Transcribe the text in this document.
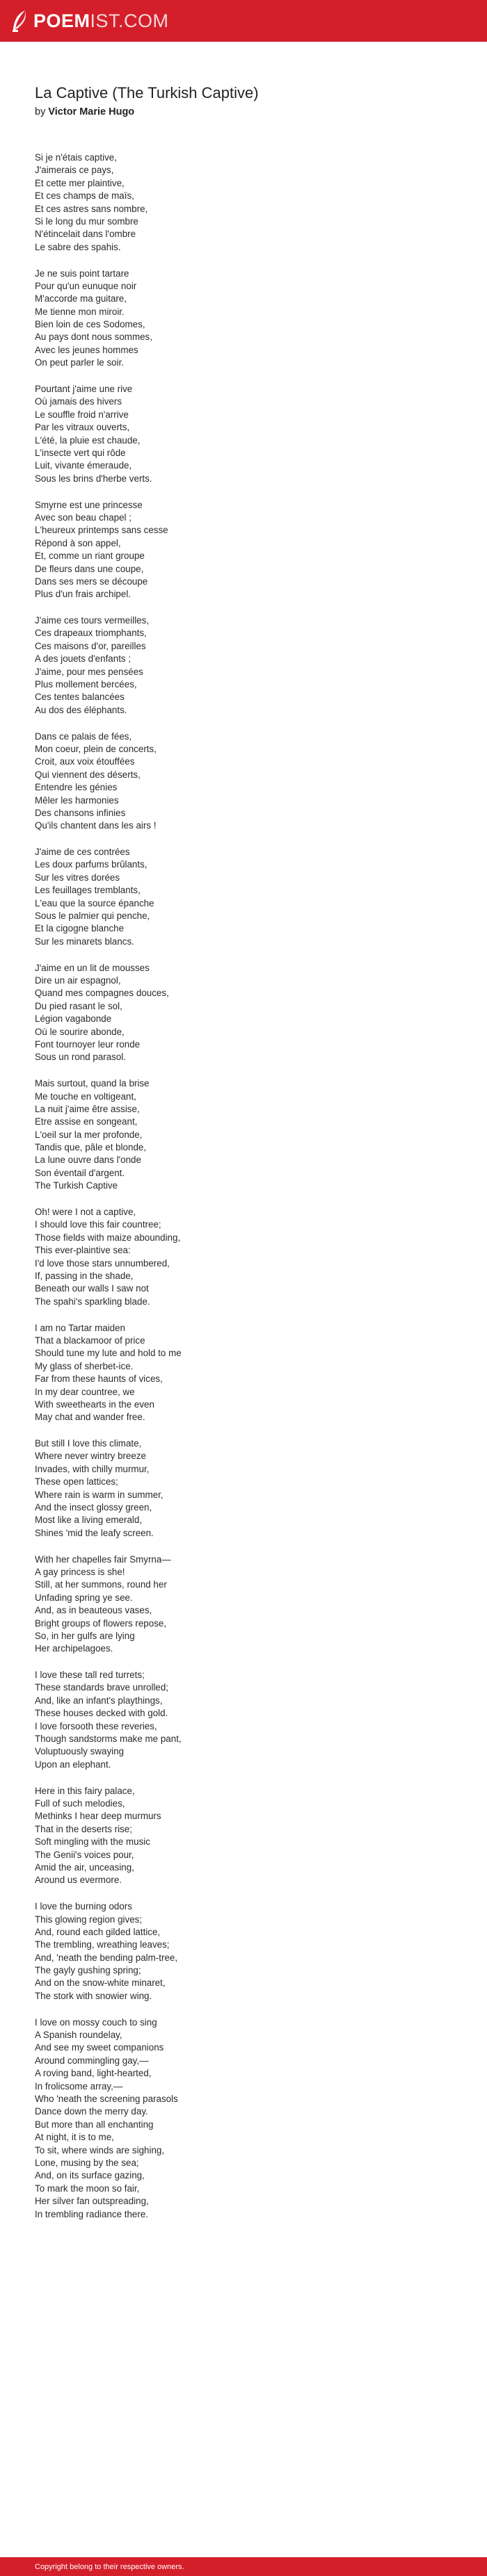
POEMIST.COM
La Captive (The Turkish Captive)
by Victor Marie Hugo
Si je n'étais captive,
J'aimerais ce pays,
Et cette mer plaintive,
Et ces champs de maïs,
Et ces astres sans nombre,
Si le long du mur sombre
N'étincelait dans l'ombre
Le sabre des spahis.
Je ne suis point tartare
Pour qu'un eunuque noir
M'accorde ma guitare,
Me tienne mon miroir.
Bien loin de ces Sodomes,
Au pays dont nous sommes,
Avec les jeunes hommes
On peut parler le soir.
Pourtant j'aime une rive
Où jamais des hivers
Le souffle froid n'arrive
Par les vitraux ouverts,
L'été, la pluie est chaude,
L'insecte vert qui rôde
Luit, vivante émeraude,
Sous les brins d'herbe verts.
Smyrne est une princesse
Avec son beau chapel ;
L'heureux printemps sans cesse
Répond à son appel,
Et, comme un riant groupe
De fleurs dans une coupe,
Dans ses mers se découpe
Plus d'un frais archipel.
J'aime ces tours vermeilles,
Ces drapeaux triomphants,
Ces maisons d'or, pareilles
A des jouets d'enfants ;
J'aime, pour mes pensées
Plus mollement bercées,
Ces tentes balancées
Au dos des éléphants.
Dans ce palais de fées,
Mon coeur, plein de concerts,
Croit, aux voix étouffées
Qui viennent des déserts,
Entendre les génies
Mêler les harmonies
Des chansons infinies
Qu'ils chantent dans les airs !
J'aime de ces contrées
Les doux parfums brûlants,
Sur les vitres dorées
Les feuillages tremblants,
L'eau que la source épanche
Sous le palmier qui penche,
Et la cigogne blanche
Sur les minarets blancs.
J'aime en un lit de mousses
Dire un air espagnol,
Quand mes compagnes douces,
Du pied rasant le sol,
Légion vagabonde
Où le sourire abonde,
Font tournoyer leur ronde
Sous un rond parasol.
Mais surtout, quand la brise
Me touche en voltigeant,
La nuit j'aime être assise,
Etre assise en songeant,
L'oeil sur la mer profonde,
Tandis que, pâle et blonde,
La lune ouvre dans l'onde
Son éventail d'argent.
The Turkish Captive
Oh! were I not a captive,
I should love this fair countree;
Those fields with maize abounding,
This ever-plaintive sea:
I'd love those stars unnumbered,
If, passing in the shade,
Beneath our walls I saw not
The spahi's sparkling blade.
I am no Tartar maiden
That a blackamoor of price
Should tune my lute and hold to me
My glass of sherbet-ice.
Far from these haunts of vices,
In my dear countree, we
With sweethearts in the even
May chat and wander free.
But still I love this climate,
Where never wintry breeze
Invades, with chilly murmur,
These open lattices;
Where rain is warm in summer,
And the insect glossy green,
Most like a living emerald,
Shines 'mid the leafy screen.
With her chapelles fair Smyrna—
A gay princess is she!
Still, at her summons, round her
Unfading spring ye see.
And, as in beauteous vases,
Bright groups of flowers repose,
So, in her gulfs are lying
Her archipelagoes.
I love these tall red turrets;
These standards brave unrolled;
And, like an infant's playthings,
These houses decked with gold.
I love forsooth these reveries,
Though sandstorms make me pant,
Voluptuously swaying
Upon an elephant.
Here in this fairy palace,
Full of such melodies,
Methinks I hear deep murmurs
That in the deserts rise;
Soft mingling with the music
The Genii's voices pour,
Amid the air, unceasing,
Around us evermore.
I love the burning odors
This glowing region gives;
And, round each gilded lattice,
The trembling, wreathing leaves;
And, 'neath the bending palm-tree,
The gayly gushing spring;
And on the snow-white minaret,
The stork with snowier wing.
I love on mossy couch to sing
A Spanish roundelay,
And see my sweet companions
Around commingling gay,—
A roving band, light-hearted,
In frolicsome array,—
Who 'neath the screening parasols
Dance down the merry day.
But more than all enchanting
At night, it is to me,
To sit, where winds are sighing,
Lone, musing by the sea;
And, on its surface gazing,
To mark the moon so fair,
Her silver fan outspreading,
In trembling radiance there.
Copyright belong to their respective owners.
